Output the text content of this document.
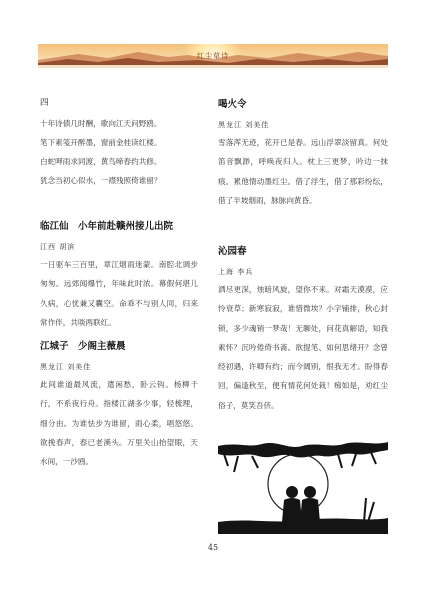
红尘草诗
四
十年诗债几时酬，歌向江天问野鸥。
笔下素笺开醉墨，窗前金桂读红楼。
白蛇呷雨求同渡，黄鸟啼春约共修。
犹念当初心似水，一襟残照倚谁留？
临江仙　小年前赴赣州接儿出院
江西 胡滨
一日驱车三百里，章江烟雨迷蒙。南腔北调步匆匆。远郊闻爆竹，年味此时浓。幕假何堪儿久病，心忧兼又囊空。命乖不与别人同，归来常作伴，共啖两联红。
江城子　少阁主薇晨
黑龙江 刘美佳
此间谁道最风流，遣闲愁，卧云钩。杨柳千行，不系夜行舟。指楼江湖多少事，轻梳理，细分由。为谁怯步为谁留，雨心柔，唱悠悠。欲挽春声，春已老溪头。万里关山抬望眼，天水间，一沙鸥。
喝火令
黑龙江 刘美佳
雪落浑无迹，花开已是春。远山浮翠淡留真。何处笛音飘渺，呼唤夜归人。枕上三更梦，吟边一抹痕。累他情动墨红尘。借了浮生，借了那彩纷纭，借了半坡烟雨，脉脉向黄昏。
沁园春
上海 李兵
洒尽更深，烛暗风旋，望你不来。对霜天漠漠，应怜衰草；新寒寂寂，谁惜微埃？小字铺排，秋心封锁，多少魂销一梦哉！无聊处，问花真解语，知我素怀？沉吟倦倚书斋。欲提笔、如何思绪开？念曾经初遇，许卿有约；而今阔别，恨我无才。盼得春回，偏逢秋至，便有情花何处栽！痴如是，劝红尘俗子，莫笑吾侪。
45
